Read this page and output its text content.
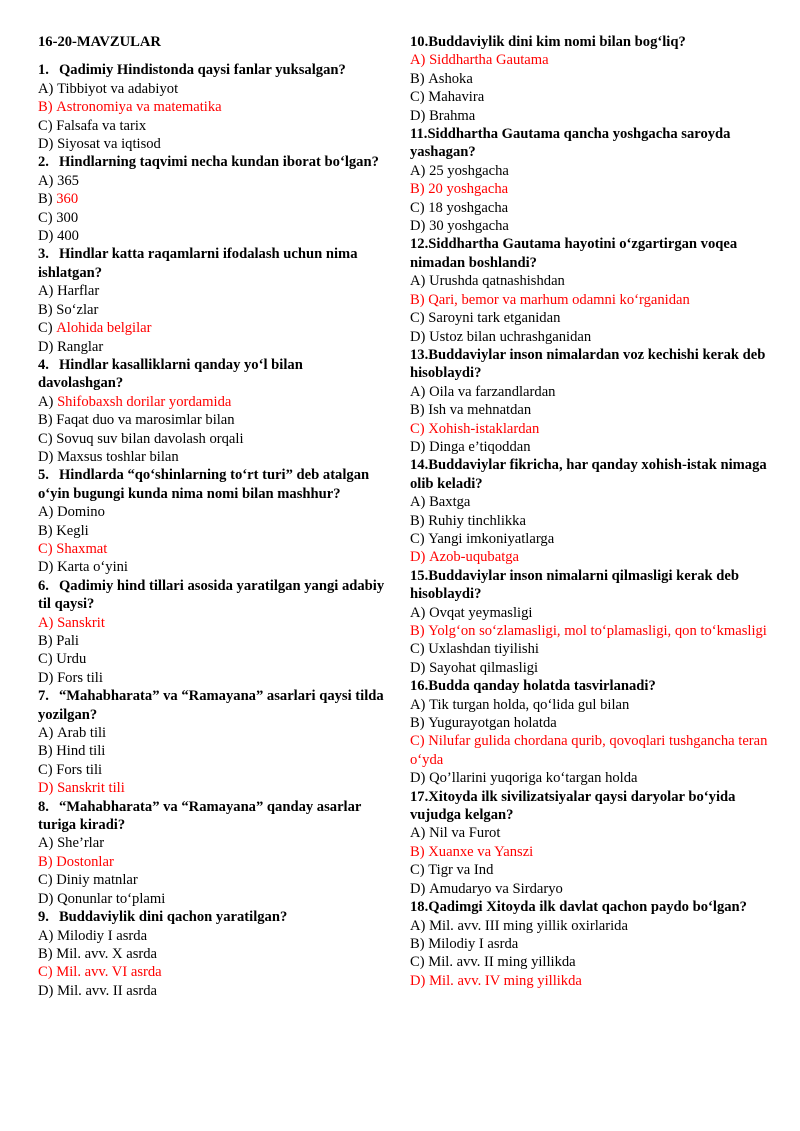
16-20-MAVZULAR
1. Qadimiy Hindistonda qaysi fanlar yuksalgan?
A) Tibbiyot va adabiyot
B) Astronomiya va matematika
C) Falsafa va tarix
D) Siyosat va iqtisod
2. Hindlarning taqvimi necha kundan iborat bo‘lgan?
A) 365
B) 360
C) 300
D) 400
3. Hindlar katta raqamlarni ifodalash uchun nima ishlatgan?
A) Harflar
B) So‘zlar
C) Alohida belgilar
D) Ranglar
4. Hindlar kasalliklarni qanday yo‘l bilan davolashgan?
A) Shifobaxsh dorilar yordamida
B) Faqat duo va marosimlar bilan
C) Sovuq suv bilan davolash orqali
D) Maxsus toshlar bilan
5. Hindlarda “qo‘shinlarning to‘rt turi” deb atalgan o‘yin bugungi kunda nima nomi bilan mashhur?
A) Domino
B) Kegli
C) Shaxmat
D) Karta o‘yini
6. Qadimiy hind tillari asosida yaratilgan yangi adabiy til qaysi?
A) Sanskrit
B) Pali
C) Urdu
D) Fors tili
7. “Mahabharata” va “Ramayana” asarlari qaysi tilda yozilgan?
A) Arab tili
B) Hind tili
C) Fors tili
D) Sanskrit tili
8. “Mahabharata” va “Ramayana” qanday asarlar turiga kiradi?
A) She’rlar
B) Dostonlar
C) Diniy matnlar
D) Qonunlar to‘plami
9. Buddaviylik dini qachon yaratilgan?
A) Milodiy I asrda
B) Mil. avv. X asrda
C) Mil. avv. VI asrda
D) Mil. avv. II asrda
10.Buddaviylik dini kim nomi bilan bog‘liq?
A) Siddhartha Gautama
B) Ashoka
C) Mahavira
D) Brahma
11.Siddhartha Gautama qancha yoshgacha saroyda yashagan?
A) 25 yoshgacha
B) 20 yoshgacha
C) 18 yoshgacha
D) 30 yoshgacha
12.Siddhartha Gautama hayotini o‘zgartirgan voqea nimadan boshlandi?
A) Urushda qatnashishdan
B) Qari, bemor va marhum odamni ko‘rganidan
C) Saroyni tark etganidan
D) Ustoz bilan uchrashganidan
13.Buddaviylar inson nimalardan voz kechishi kerak deb hisoblaydi?
A) Oila va farzandlardan
B) Ish va mehnatdan
C) Xohish-istaklardan
D) Dinga e’tiqoddan
14.Buddaviylar fikricha, har qanday xohish-istak nimaga olib keladi?
A) Baxtga
B) Ruhiy tinchlikka
C) Yangi imkoniyatlarga
D) Azob-uqubatga
15.Buddaviylar inson nimalarni qilmasligi kerak deb hisoblaydi?
A) Ovqat yeymasligi
B) Yolg‘on so‘zlamasligi, mol to‘plamasligi, qon to‘kmasligi
C) Uxlashdan tiyilishi
D) Sayohat qilmasligi
16.Budda qanday holatda tasvirlanadi?
A) Tik turgan holda, qo‘lida gul bilan
B) Yugurayotgan holatda
C) Nilufar gulida chordana qurib, qovoqlari tushgancha teran o‘yda
D) Qo’llarini yuqoriga ko‘targan holda
17.Xitoyda ilk sivilizatsiyalar qaysi daryolar bo‘yida vujudga kelgan?
A) Nil va Furot
B) Xuanxe va Yanszi
C) Tigr va Ind
D) Amudaryo va Sirdaryo
18.Qadimgi Xitoyda ilk davlat qachon paydo bo‘lgan?
A) Mil. avv. III ming yillik oxirlarida
B) Milodiy I asrda
C) Mil. avv. II ming yillikda
D) Mil. avv. IV ming yillikda
